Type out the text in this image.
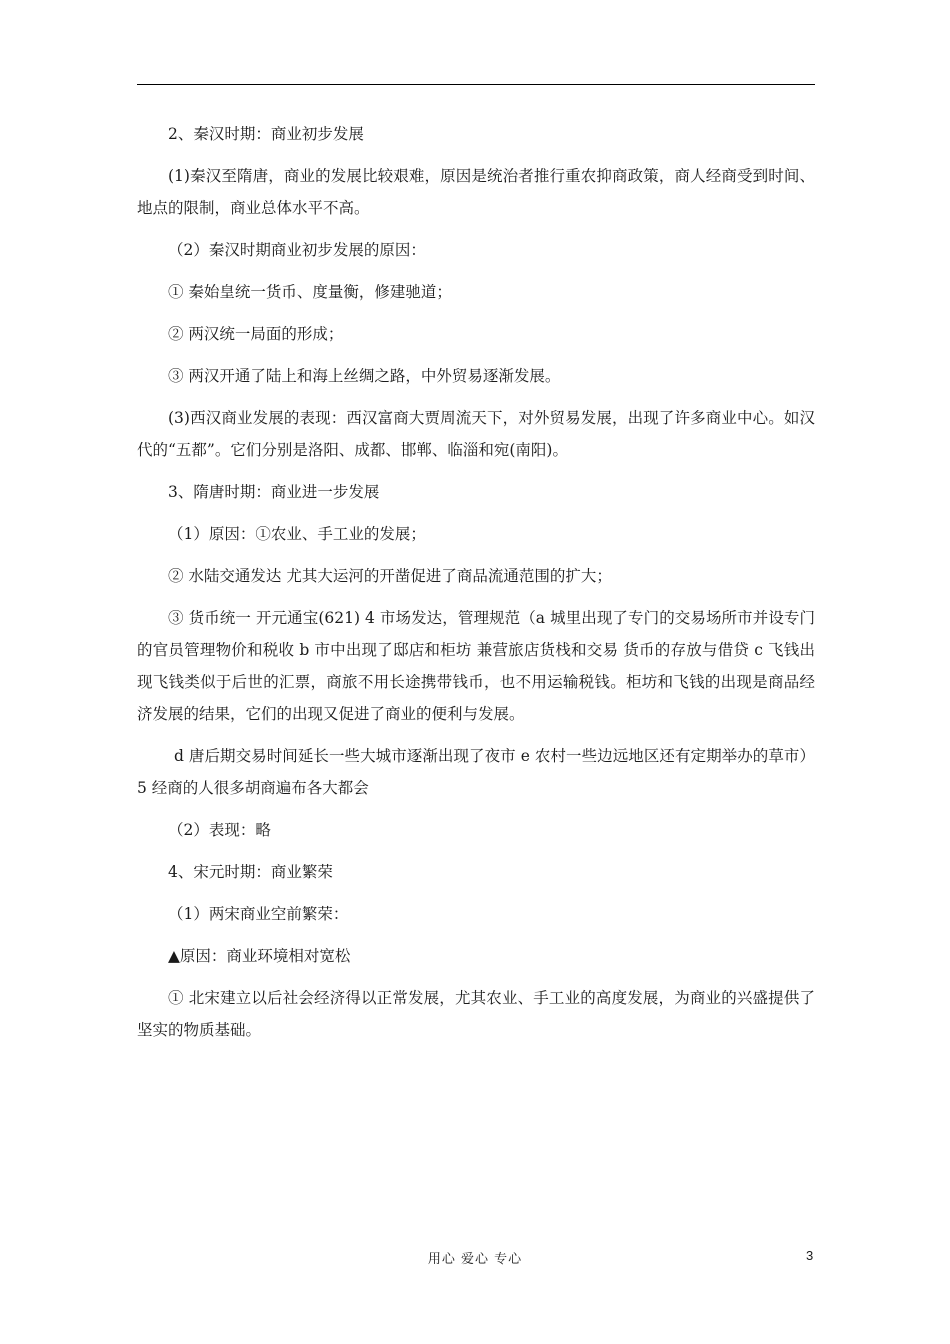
2、秦汉时期：商业初步发展

(1)秦汉至隋唐，商业的发展比较艰难，原因是统治者推行重农抑商政策，商人经商受到时间、地点的限制，商业总体水平不高。

（2）秦汉时期商业初步发展的原因：

① 秦始皇统一货币、度量衡，修建驰道；

② 两汉统一局面的形成；

③ 两汉开通了陆上和海上丝绸之路，中外贸易逐渐发展。

(3)西汉商业发展的表现：西汉富商大贾周流天下，对外贸易发展，出现了许多商业中心。如汉代的“五都”。它们分别是洛阳、成都、邯郸、临淄和宛(南阳)。

3、隋唐时期：商业进一步发展

（1）原因：①农业、手工业的发展；

② 水陆交通发达 尤其大运河的开凿促进了商品流通范围的扩大；

③ 货币统一 开元通宝(621) 4 市场发达，管理规范（a 城里出现了专门的交易场所市并设专门的官员管理物价和税收 b 市中出现了邸店和柜坊 兼营旅店货栈和交易 货币的存放与借贷 c 飞钱出现飞钱类似于后世的汇票，商旅不用长途携带钱币，也不用运输税钱。柜坊和飞钱的出现是商品经济发展的结果，它们的出现又促进了商业的便利与发展。

d 唐后期交易时间延长一些大城市逐渐出现了夜市 e 农村一些边远地区还有定期举办的草市） 5 经商的人很多胡商遍布各大都会

（2）表现：略

4、宋元时期：商业繁荣

（1）两宋商业空前繁荣：

▲原因：商业环境相对宽松

① 北宋建立以后社会经济得以正常发展，尤其农业、手工业的高度发展，为商业的兴盛提供了坚实的物质基础。

用心 爱心 专心	3
